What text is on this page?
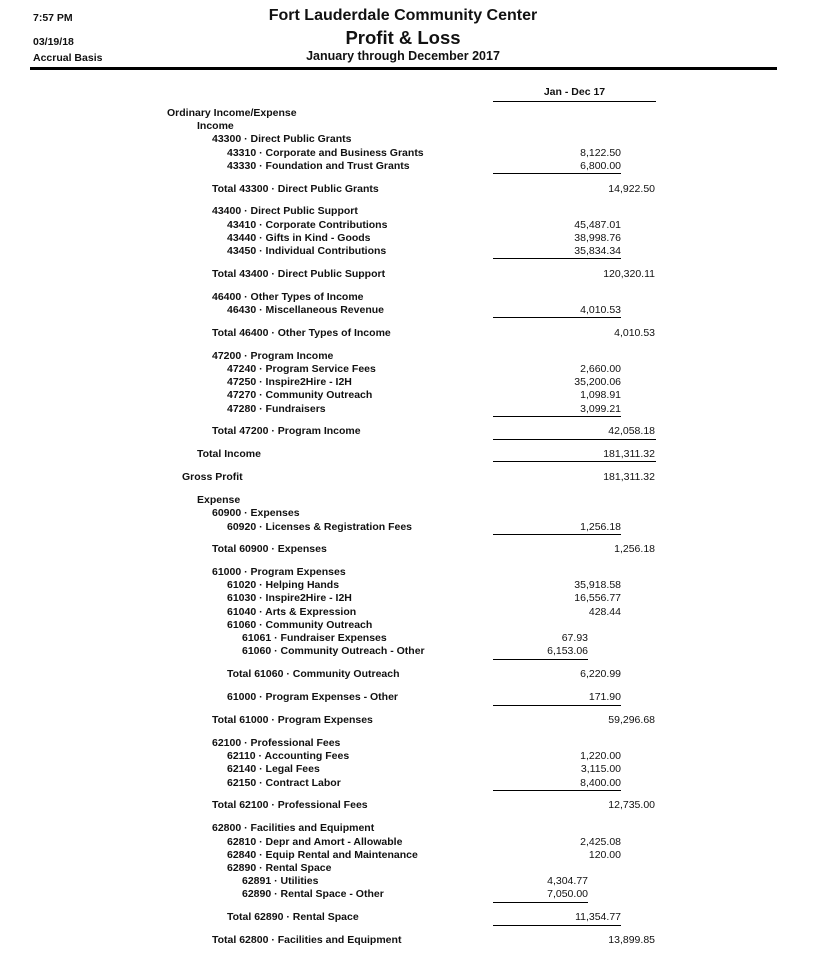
7:57 PM
03/19/18
Accrual Basis
Fort Lauderdale Community Center
Profit & Loss
January through December 2017
Jan - Dec 17
Ordinary Income/Expense
Income
43300 · Direct Public Grants
43310 · Corporate and Business Grants	8,122.50
43330 · Foundation and Trust Grants	6,800.00
Total 43300 · Direct Public Grants	14,922.50
43400 · Direct Public Support
43410 · Corporate Contributions	45,487.01
43440 · Gifts in Kind - Goods	38,998.76
43450 · Individual Contributions	35,834.34
Total 43400 · Direct Public Support	120,320.11
46400 · Other Types of Income
46430 · Miscellaneous Revenue	4,010.53
Total 46400 · Other Types of Income	4,010.53
47200 · Program Income
47240 · Program Service Fees	2,660.00
47250 · Inspire2Hire - I2H	35,200.06
47270 · Community Outreach	1,098.91
47280 · Fundraisers	3,099.21
Total 47200 · Program Income	42,058.18
Total Income	181,311.32
Gross Profit	181,311.32
Expense
60900 · Expenses
60920 · Licenses & Registration Fees	1,256.18
Total 60900 · Expenses	1,256.18
61000 · Program Expenses
61020 · Helping Hands	35,918.58
61030 · Inspire2Hire - I2H	16,556.77
61040 · Arts & Expression	428.44
61060 · Community Outreach
61061 · Fundraiser Expenses	67.93
61060 · Community Outreach - Other	6,153.06
Total 61060 · Community Outreach	6,220.99
61000 · Program Expenses - Other	171.90
Total 61000 · Program Expenses	59,296.68
62100 · Professional Fees
62110 · Accounting Fees	1,220.00
62140 · Legal Fees	3,115.00
62150 · Contract Labor	8,400.00
Total 62100 · Professional Fees	12,735.00
62800 · Facilities and Equipment
62810 · Depr and Amort - Allowable	2,425.08
62840 · Equip Rental and Maintenance	120.00
62890 · Rental Space
62891 · Utilities	4,304.77
62890 · Rental Space - Other	7,050.00
Total 62890 · Rental Space	11,354.77
Total 62800 · Facilities and Equipment	13,899.85
